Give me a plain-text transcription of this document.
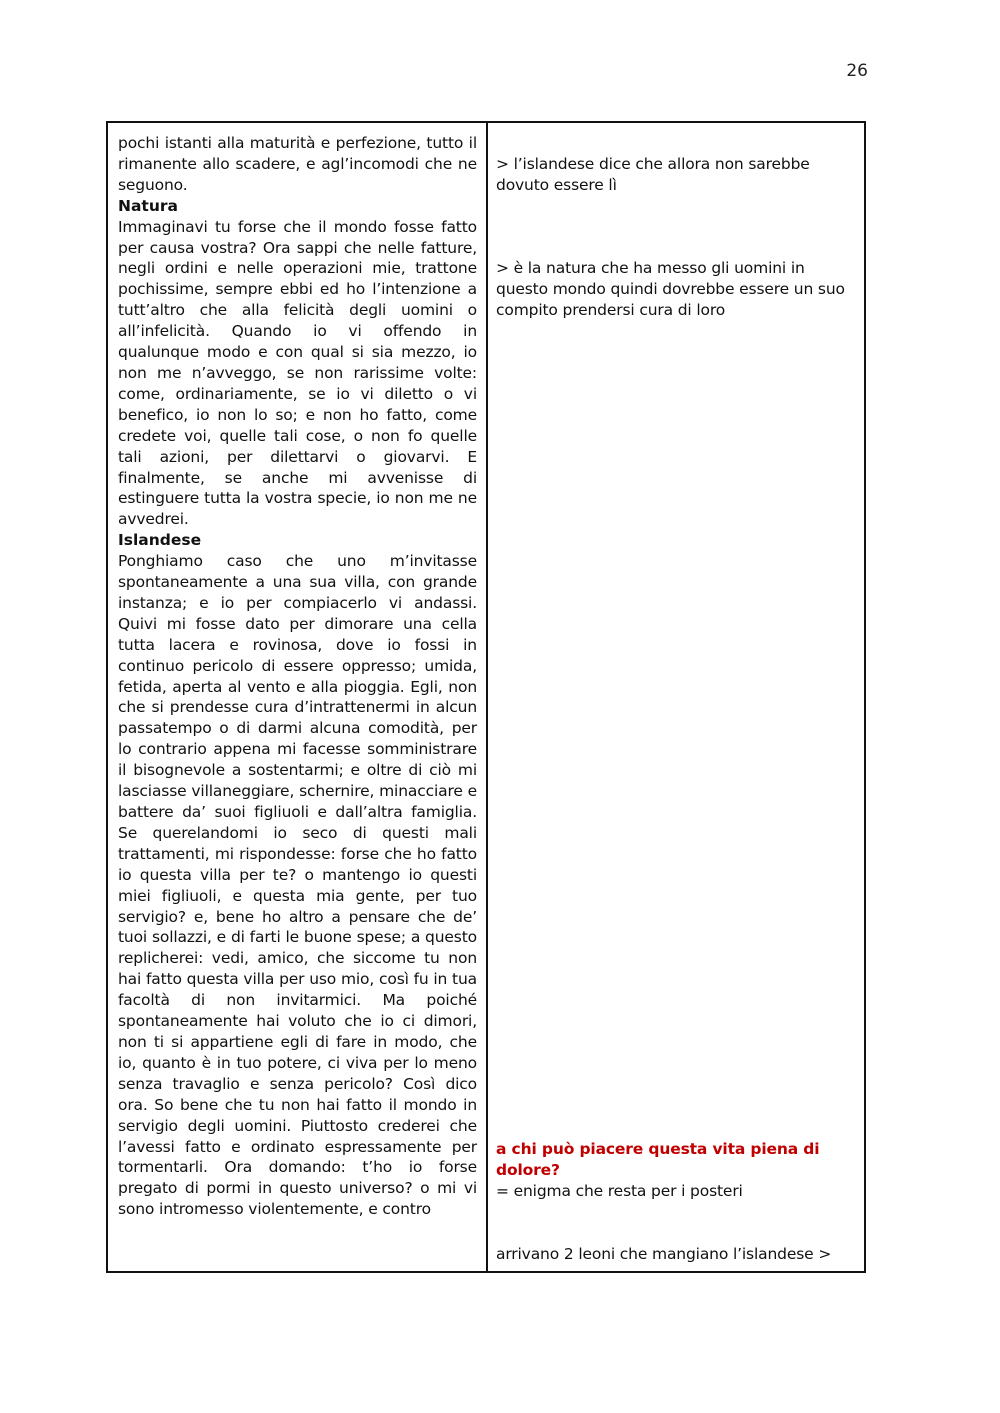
26

pochi istanti alla maturità e perfezione, tutto il rimanente allo scadere, e agl’incomodi che ne seguono.

Natura

Immaginavi tu forse che il mondo fosse fatto per causa vostra? Ora sappi che nelle fatture, negli ordini e nelle operazioni mie, trattone pochissime, sempre ebbi ed ho l’intenzione a tutt’altro che alla felicità degli uomini o all’infelicità. Quando io vi offendo in qualunque modo e con qual si sia mezzo, io non me n’avveggo, se non rarissime volte: come, ordinariamente, se io vi diletto o vi benefico, io non lo so; e non ho fatto, come credete voi, quelle tali cose, o non fo quelle tali azioni, per dilettarvi o giovarvi. E finalmente, se anche mi avvenisse di estinguere tutta la vostra specie, io non me ne avvedrei.

Islandese

Ponghiamo caso che uno m’invitasse spontaneamente a una sua villa, con grande instanza; e io per compiacerlo vi andassi. Quivi mi fosse dato per dimorare una cella tutta lacera e rovinosa, dove io fossi in continuo pericolo di essere oppresso; umida, fetida, aperta al vento e alla pioggia. Egli, non che si prendesse cura d’intrattenermi in alcun passatempo o di darmi alcuna comodità, per lo contrario appena mi facesse somministrare il bisognevole a sostentarmi; e oltre di ciò mi lasciasse villaneggiare, schernire, minacciare e battere da’ suoi figliuoli e dall’altra famiglia. Se querelandomi io seco di questi mali trattamenti, mi rispondesse: forse che ho fatto io questa villa per te? o mantengo io questi miei figliuoli, e questa mia gente, per tuo servigio? e, bene ho altro a pensare che de’ tuoi sollazzi, e di farti le buone spese; a questo replicherei: vedi, amico, che siccome tu non hai fatto questa villa per uso mio, così fu in tua facoltà di non invitarmici. Ma poiché spontaneamente hai voluto che io ci dimori, non ti si appartiene egli di fare in modo, che io, quanto è in tuo potere, ci viva per lo meno senza travaglio e senza pericolo? Così dico ora. So bene che tu non hai fatto il mondo in servigio degli uomini. Piuttosto crederei che l’avessi fatto e ordinato espressamente per tormentarli. Ora domando: t’ho io forse pregato di pormi in questo universo? o mi vi sono intromesso violentemente, e contro

> l’islandese dice che allora non sarebbe dovuto essere lì

> è la natura che ha messo gli uomini in questo mondo quindi dovrebbe essere un suo compito prendersi cura di loro

a chi può piacere questa vita piena di dolore?

= enigma che resta per i posteri

arrivano 2 leoni che mangiano l’islandese >
